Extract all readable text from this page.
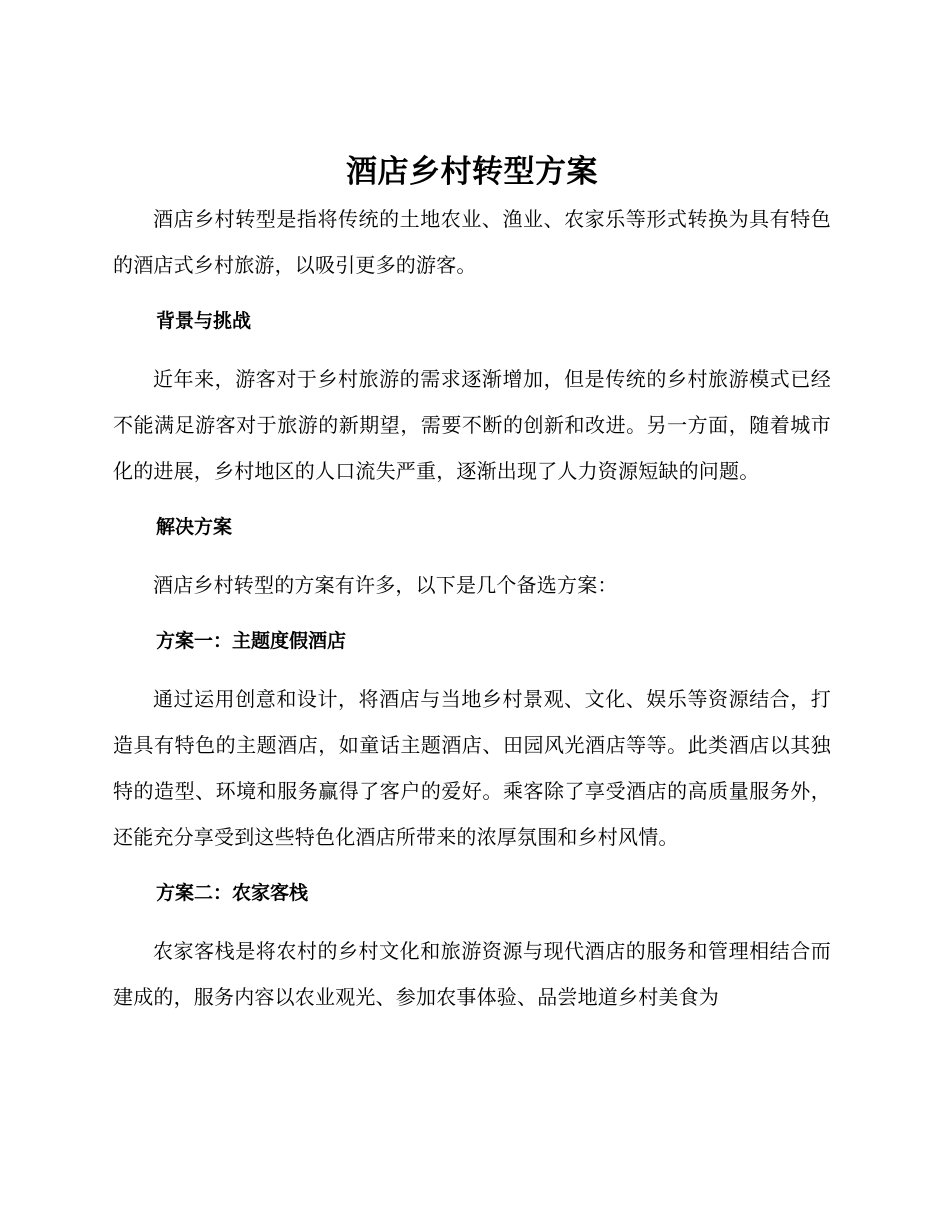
酒店乡村转型方案

酒店乡村转型是指将传统的土地农业、渔业、农家乐等形式转换为具有特色的酒店式乡村旅游，以吸引更多的游客。

背景与挑战

近年来，游客对于乡村旅游的需求逐渐增加，但是传统的乡村旅游模式已经不能满足游客对于旅游的新期望，需要不断的创新和改进。另一方面，随着城市化的进展，乡村地区的人口流失严重，逐渐出现了人力资源短缺的问题。

解决方案

酒店乡村转型的方案有许多，以下是几个备选方案：

方案一：主题度假酒店

通过运用创意和设计，将酒店与当地乡村景观、文化、娱乐等资源结合，打造具有特色的主题酒店，如童话主题酒店、田园风光酒店等等。此类酒店以其独特的造型、环境和服务赢得了客户的爱好。乘客除了享受酒店的高质量服务外，还能充分享受到这些特色化酒店所带来的浓厚氛围和乡村风情。

方案二：农家客栈

农家客栈是将农村的乡村文化和旅游资源与现代酒店的服务和管理相结合而建成的，服务内容以农业观光、参加农事体验、品尝地道乡村美食为
